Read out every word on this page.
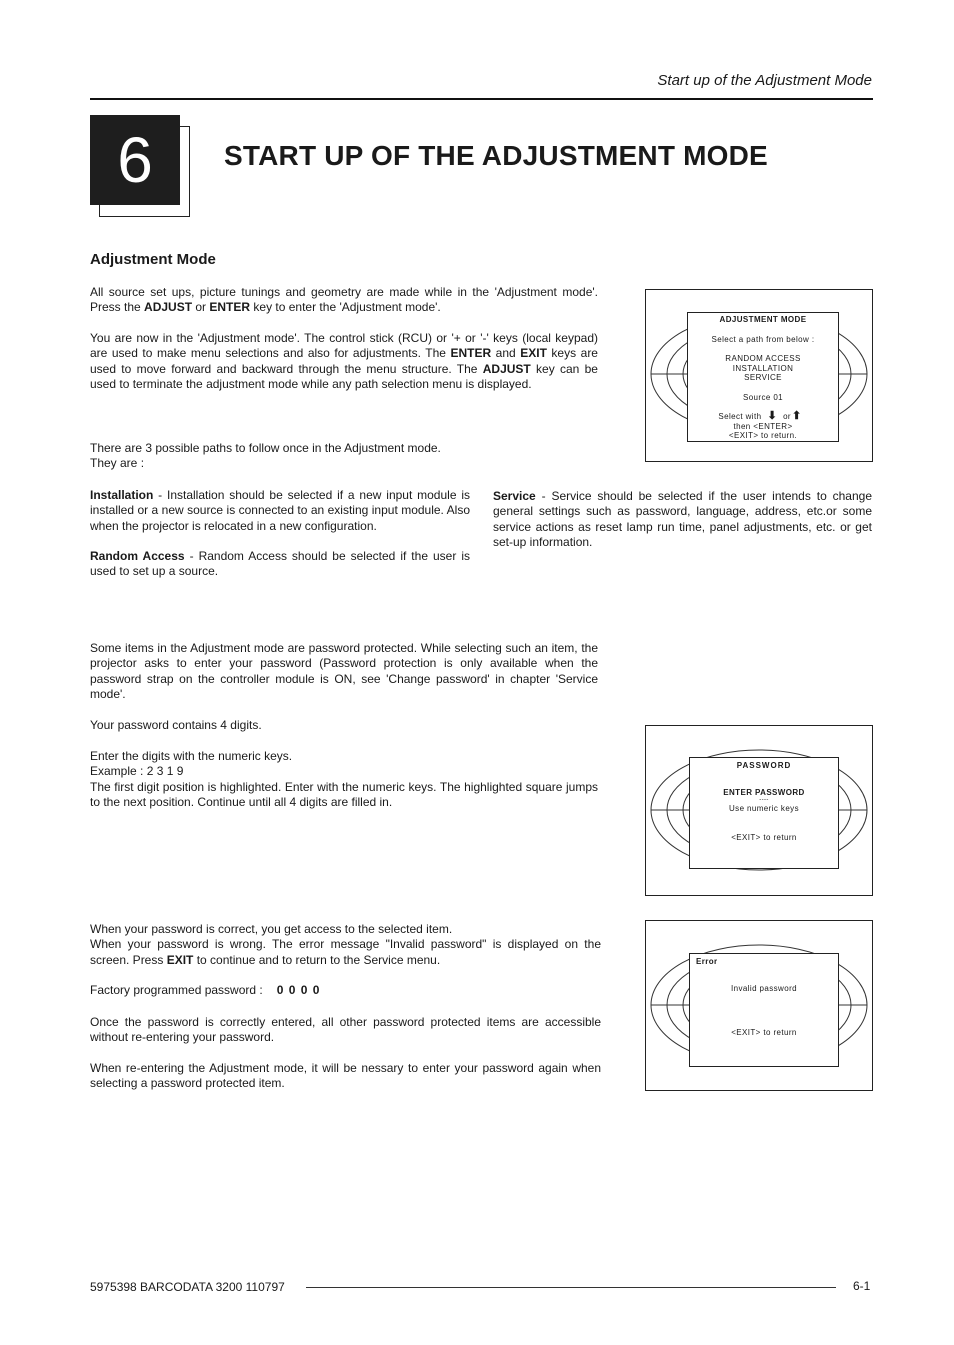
Start up of the Adjustment Mode
6	START UP OF THE ADJUSTMENT MODE
Adjustment Mode

All source set ups, picture tunings and geometry are made while in the 'Adjustment mode'. Press the ADJUST or ENTER key to enter the 'Adjustment mode'.

You are now in the 'Adjustment mode'. The control stick (RCU) or '+ or '-' keys (local keypad) are used to make menu selections and also for adjustments. The ENTER and EXIT keys are used to move forward and backward through the menu structure. The ADJUST key can be used to terminate the adjustment mode while any path selection menu is displayed.

ADJUSTMENT MODE
Select a path from below :
RANDOM ACCESS
INSTALLATION
SERVICE
Source 01
Select with ⬇ or⬆
then <ENTER>
<EXIT> to return.

There are 3 possible paths to follow once in the Adjustment mode.
They are :

Installation - Installation should be selected if a new input module is installed or a new source is connected to an existing input module. Also when the projector is relocated in a new configuration.

Random Access - Random Access should be selected if the user is used to set up a source.

Service - Service should be selected if the user intends to change general settings such as password, language, address, etc.or some service actions as reset lamp run time, panel adjustments, etc. or get set-up information.

Some items in the Adjustment mode are password protected. While selecting such an item, the projector asks to enter your password (Password protection is only available when the password strap on the controller module is ON, see 'Change password' in chapter 'Service mode'.

Your password contains 4 digits.

Enter the digits with the numeric keys.
Example : 2 3 1 9
The first digit position is highlighted. Enter with the numeric keys. The highlighted square jumps to the next position. Continue until all 4 digits are filled in.

PASSWORD
ENTER PASSWORD
----
Use numeric keys
<EXIT> to return

When your password is correct, you get access to the selected item.
When your password is wrong. The error message "Invalid password" is displayed on the screen. Press EXIT to continue and to return to the Service menu.

Factory programmed password : 0 0 0 0

Once the password is correctly entered, all other password protected items are accessible without re-entering your password.

When re-entering the Adjustment mode, it will be nessary to enter your password again when selecting a password protected item.

Error
Invalid password
<EXIT> to return
5975398 BARCODATA 3200 110797	6-1
